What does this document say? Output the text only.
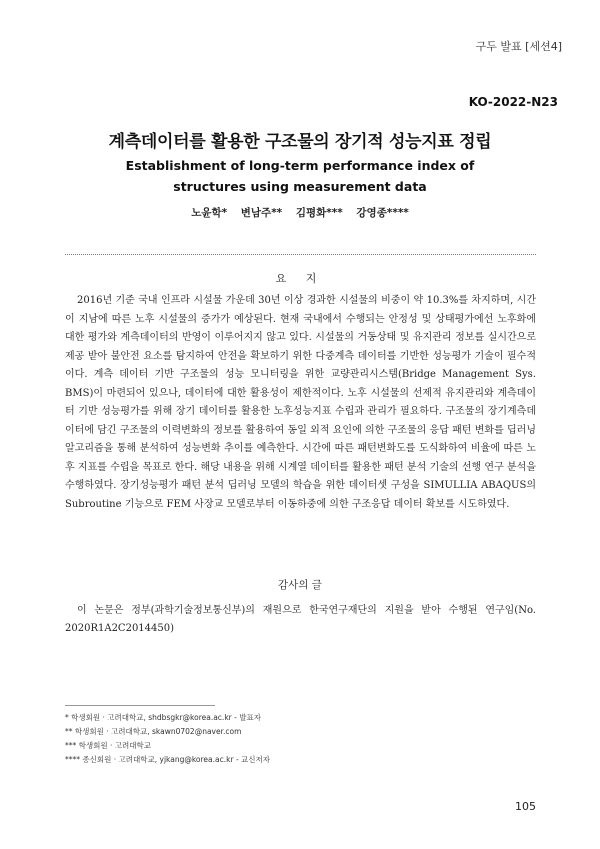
구두 발표 [세션4]
KO-2022-N23
계측데이터를 활용한 구조물의 장기적 성능지표 정립
Establishment of long-term performance index of
structures using measurement data
노윤학* 변남주** 김평화*** 강영종****
요 지
2016년 기준 국내 인프라 시설물 가운데 30년 이상 경과한 시설물의 비중이 약 10.3%를 차지하며, 시간이 지남에 따른 노후 시설물의 증가가 예상된다. 현재 국내에서 수행되는 안정성 및 상태평가에선 노후화에 대한 평가와 계측데이터의 반영이 이루어지지 않고 있다. 시설물의 거동상태 및 유지관리 정보를 실시간으로 제공 받아 불안전 요소를 탐지하여 안전을 확보하기 위한 다중계측 데이터를 기반한 성능평가 기술이 필수적이다. 계측 데이터 기반 구조물의 성능 모니터링을 위한 교량관리시스템(Bridge Management Sys. BMS)이 마련되어 있으나, 데이터에 대한 활용성이 제한적이다. 노후 시설물의 선제적 유지관리와 계측데이터 기반 성능평가를 위해 장기 데이터를 활용한 노후성능지표 수립과 관리가 필요하다. 구조물의 장기계측데이터에 담긴 구조물의 이력변화의 정보를 활용하여 동일 외적 요인에 의한 구조물의 응답 패턴 변화를 딥러닝 알고리즘을 통해 분석하여 성능변화 추이를 예측한다. 시간에 따른 패턴변화도를 도식화하여 비율에 따른 노후 지표를 수립을 목표로 한다. 해당 내용을 위해 시계열 데이터를 활용한 패턴 분석 기술의 선행 연구 분석을 수행하였다. 장기성능평가 패턴 분석 딥러닝 모델의 학습을 위한 데이터셋 구성을 SIMULLIA ABAQUS의 Subroutine 기능으로 FEM 사장교 모델로부터 이동하중에 의한 구조응답 데이터 확보를 시도하였다.
감사의 글
이 논문은 정부(과학기술정보통신부)의 재원으로 한국연구재단의 지원을 받아 수행된 연구임(No. 2020R1A2C2014450)
* 학생회원 · 고려대학교, shdbsgkr@korea.ac.kr - 발표자
** 학생회원 · 고려대학교, skawn0702@naver.com
*** 학생회원 · 고려대학교
**** 종신회원 · 고려대학교, yjkang@korea.ac.kr - 교신저자
105
